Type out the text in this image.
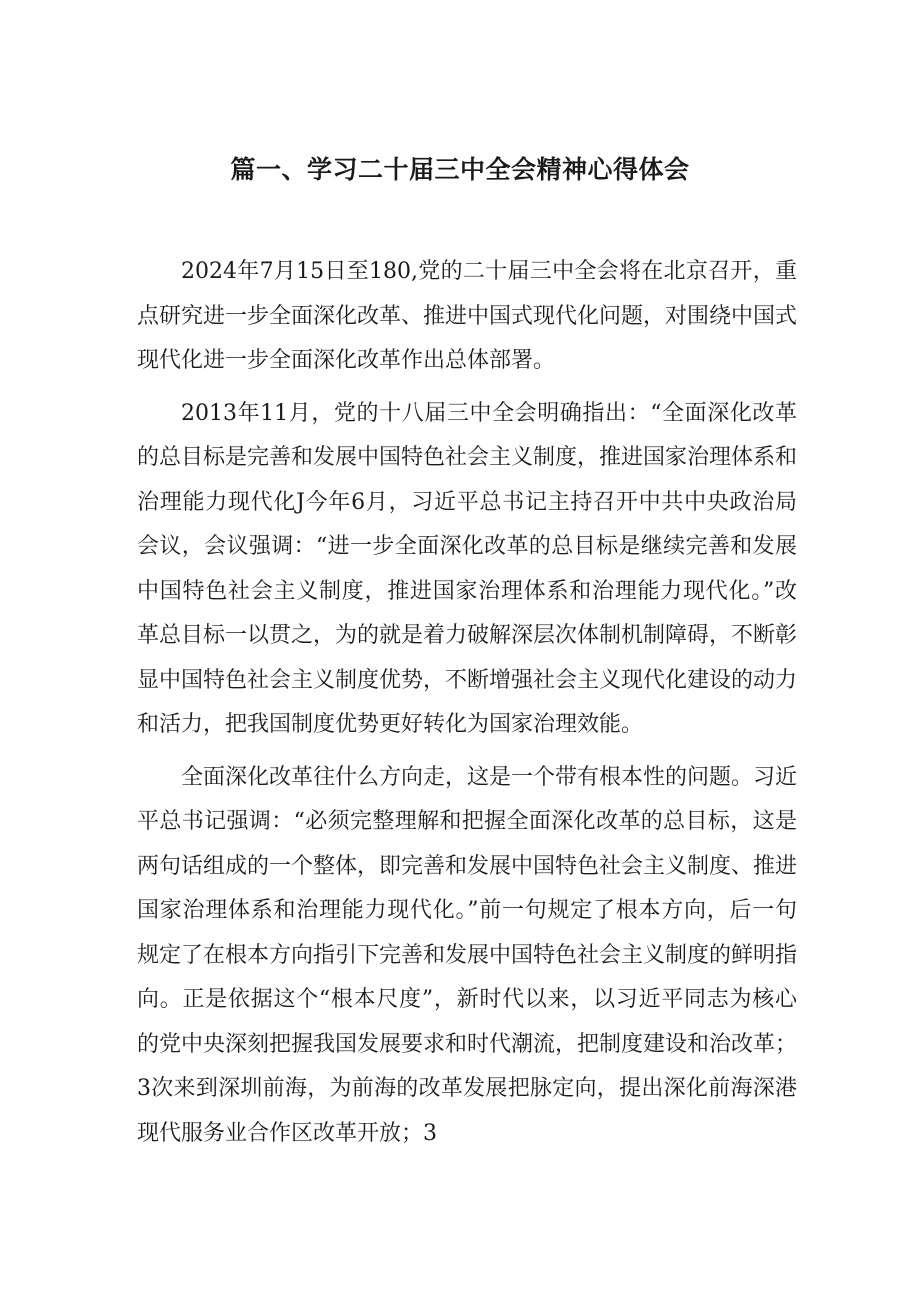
篇一、学习二十届三中全会精神心得体会

2024年7月15日至180,党的二十届三中全会将在北京召开，重点研究进一步全面深化改革、推进中国式现代化问题，对围绕中国式现代化进一步全面深化改革作出总体部署。

2013年11月，党的十八届三中全会明确指出：“全面深化改革的总目标是完善和发展中国特色社会主义制度，推进国家治理体系和治理能力现代化J今年6月，习近平总书记主持召开中共中央政治局会议，会议强调：“进一步全面深化改革的总目标是继续完善和发展中国特色社会主义制度，推进国家治理体系和治理能力现代化。”改革总目标一以贯之，为的就是着力破解深层次体制机制障碍，不断彰显中国特色社会主义制度优势，不断增强社会主义现代化建设的动力和活力，把我国制度优势更好转化为国家治理效能。

全面深化改革往什么方向走，这是一个带有根本性的问题。习近平总书记强调：“必须完整理解和把握全面深化改革的总目标，这是两句话组成的一个整体，即完善和发展中国特色社会主义制度、推进国家治理体系和治理能力现代化。”前一句规定了根本方向，后一句规定了在根本方向指引下完善和发展中国特色社会主义制度的鲜明指向。正是依据这个“根本尺度”，新时代以来，以习近平同志为核心的党中央深刻把握我国发展要求和时代潮流，把制度建设和治改革；3次来到深圳前海，为前海的改革发展把脉定向，提出深化前海深港现代服务业合作区改革开放；3
